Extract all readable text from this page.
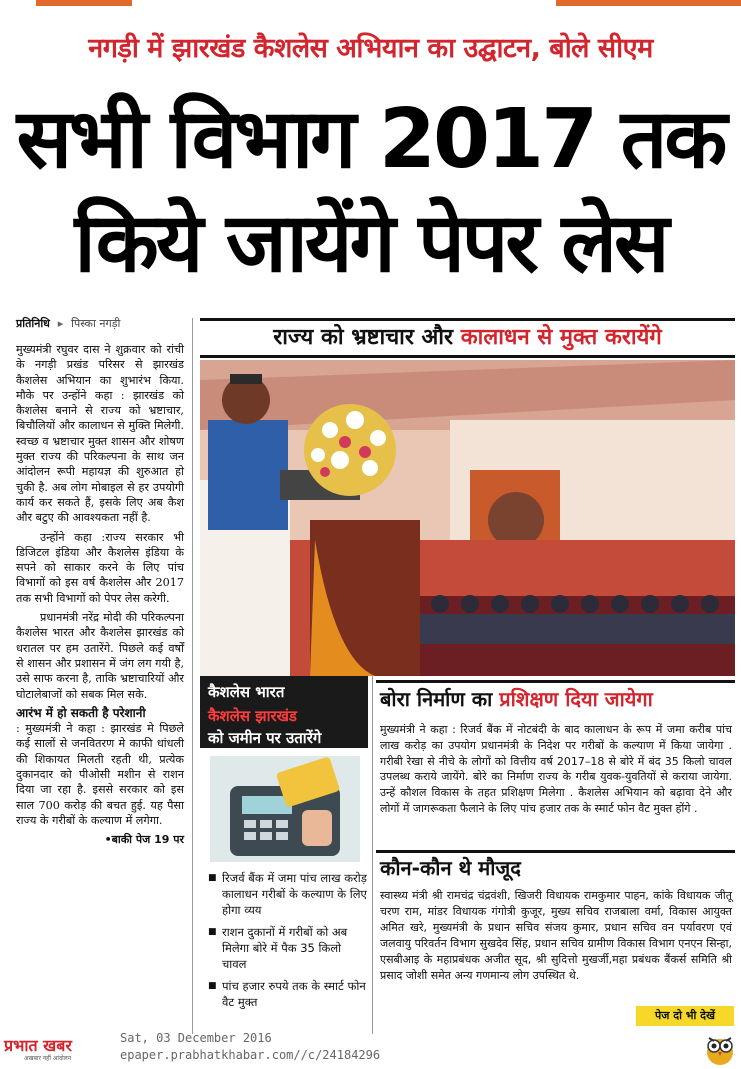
नगड़ी में झारखंड कैशलेस अभियान का उद्घाटन, बोले सीएम
सभी विभाग 2017 तक
किये जायेंगे पेपर लेस
प्रतिनिधि ▸ पिस्का नगड़ी

मुख्यमंत्री रघुवर दास ने शुक्रवार को रांची के नगड़ी प्रखंड परिसर से झारखंड कैशलेस अभियान का शुभारंभ किया. मौके पर उन्होंने कहा : झारखंड को कैशलेस बनाने से राज्य को भ्रष्टाचार, बिचौलियों और कालाधन से मुक्ति मिलेगी. स्वच्छ व भ्रष्टाचार मुक्त शासन और शोषण मुक्त राज्य की परिकल्पना के साथ जन आंदोलन रूपी महायज्ञ की शुरुआत हो चुकी है. अब लोग मोबाइल से हर उपयोगी कार्य कर सकते हैं, इसके लिए अब कैश और बटुए की आवश्यकता नहीं है.

उन्होंने कहा :राज्य सरकार भी डिजिटल इंडिया और कैशलेस इंडिया के सपने को साकार करने के लिए पांच विभागों को इस वर्ष कैशलेस और 2017 तक सभी विभागों को पेपर लेस करेगी.

प्रधानमंत्री नरेंद्र मोदी की परिकल्पना कैशलेस भारत और कैशलेस झारखंड को धरातल पर हम उतारेंगे. पिछले कई वर्षों से शासन और प्रशासन में जंग लग गयी है, उसे साफ करना है, ताकि भ्रष्टाचारियों और घोटालेबाजों को सबक मिल सके.

आरंभ में हो सकती है परेशानी

: मुख्यमंत्री ने कहा : झारखंड मे पिछले कई सालों से जनवितरण मे काफी धांधली की शिकायत मिलती रहती थी, प्रत्येक दुकानदार को पीओसी मशीन से राशन दिया जा रहा है. इससे सरकार को इस साल 700 करोड़ की बचत हुई. यह पैसा राज्य के गरीबों के कल्याण में लगेगा.

•बाकी पेज 19 पर
राज्य को भ्रष्टाचार और कालाधन से मुक्त करायेंगे
कैशलेस भारत
कैशलेस झारखंड
को जमीन पर उतारेंगे
■ रिजर्व बैंक में जमा पांच लाख करोड़ कालाधन गरीबों के कल्याण के लिए होगा व्यय
■ राशन दुकानों में गरीबों को अब मिलेगा बोरे में पैक 35 किलो चावल
■ पांच हजार रुपये तक के स्मार्ट फोन वैट मुक्त
बोरा निर्माण का प्रशिक्षण दिया जायेगा
मुख्यमंत्री ने कहा : रिजर्व बैंक में नोटबंदी के बाद कालाधन के रूप में जमा करीब पांच लाख करोड़ का उपयोग प्रधानमंत्री के निदेश पर गरीबों के कल्याण में किया जायेगा . गरीबी रेखा से नीचे के लोगों को वित्तीय वर्ष 2017–18 से बोरे में बंद 35 किलो चावल उपलब्ध कराये जायेंगे. बोरे का निर्माण राज्य के गरीब युवक-युवतियों से कराया जायेगा. उन्हें कौशल विकास के तहत प्रशिक्षण मिलेगा . कैशलेस अभियान को बढ़ावा देने और लोगों में जागरूकता फैलाने के लिए पांच हजार तक के स्मार्ट फोन वैट मुक्त होंगे .
कौन-कौन थे मौजूद
स्वास्थ्य मंत्री श्री रामचंद्र चंद्रवंशी, खिजरी विधायक रामकुमार पाहन, कांके विधायक जीतू चरण राम, मांडर विधायक गंगोत्री कुजूर, मुख्य सचिव राजबाला वर्मा, विकास आयुक्त अमित खरे, मुख्यमंत्री के प्रधान सचिव संजय कुमार, प्रधान सचिव वन पर्यावरण एवं जलवायु परिवर्तन विभाग सुखदेव सिंह, प्रधान सचिव ग्रामीण विकास विभाग एनएन सिन्हा, एसबीआइ के महाप्रबंधक अजीत सूद, श्री सुदित्तो मुखर्जी,महा प्रबंधक बैंकर्स समिति श्री प्रसाद जोशी समेत अन्य गणमान्य लोग उपस्थित थे.
पेज दो भी देखें
प्रभात खबर
अखबार नहीं आंदोलन
Sat, 03 December 2016
epaper.prabhatkhabar.com//c/24184296
